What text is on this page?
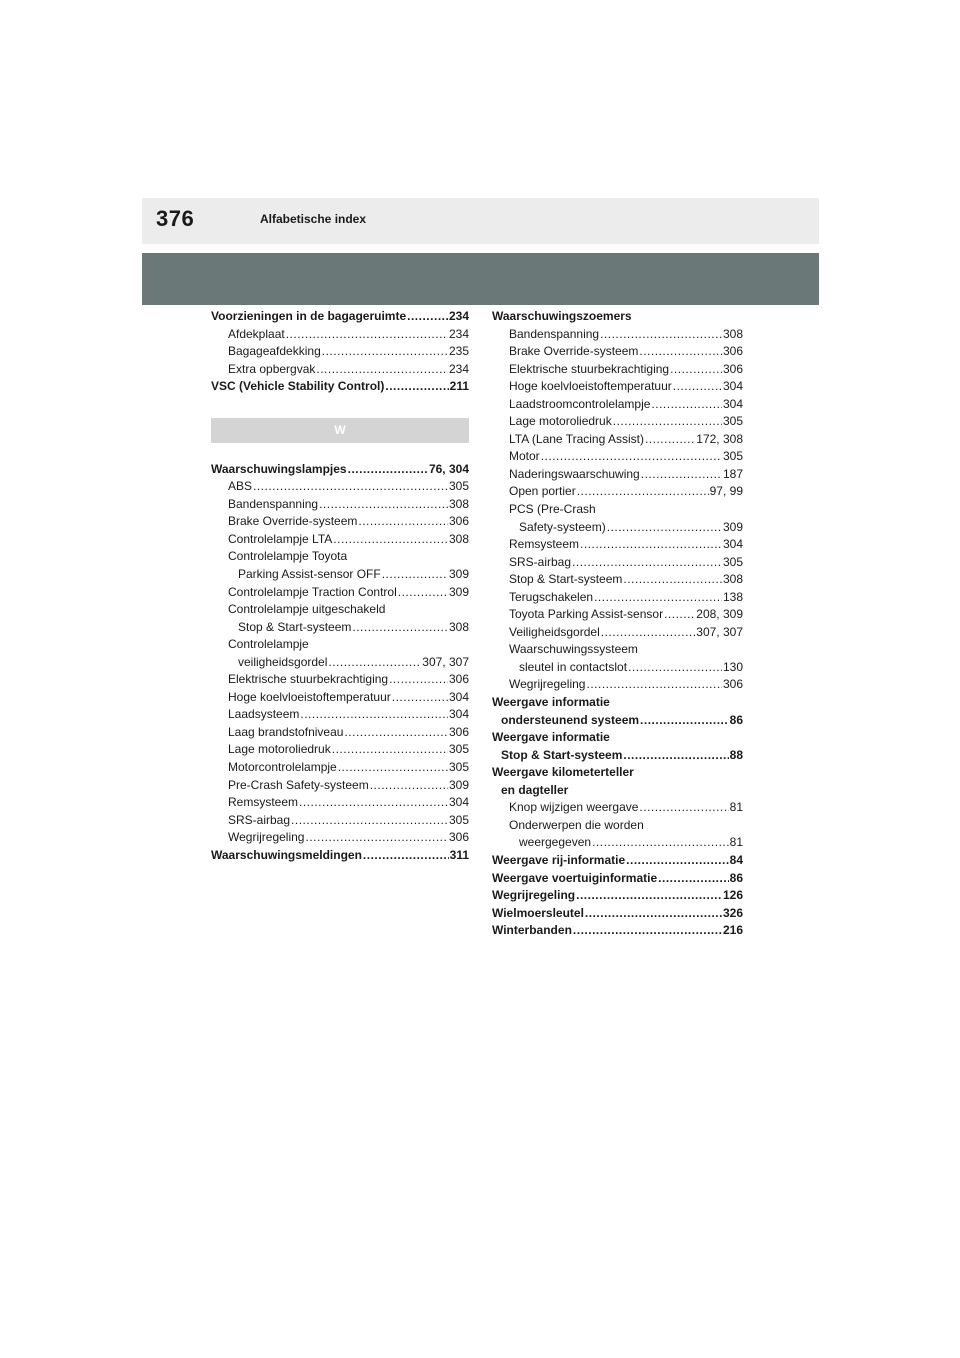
376	Alfabetische index
Voorzieningen in de bagageruimte .....	234
Afdekplaat .....	234
Bagageafdekking .....	235
Extra opbergvak .....	234
VSC (Vehicle Stability Control) .....	211
W
Waarschuwingslampjes .....	76, 304
ABS .....	305
Bandenspanning .....	308
Brake Override-systeem .....	306
Controlelampje LTA .....	308
Controlelampje Toyota
Parking Assist-sensor OFF .....	309
Controlelampje Traction Control .....	309
Controlelampje uitgeschakeld
Stop & Start-systeem .....	308
Controlelampje
veiligheidsgordel .....	307, 307
Elektrische stuurbekrachtiging .....	306
Hoge koelvloeistoftemperatuur .....	304
Laadsysteem .....	304
Laag brandstofniveau .....	306
Lage motoroliedruk .....	305
Motorcontrolelampje .....	305
Pre-Crash Safety-systeem .....	309
Remsysteem .....	304
SRS-airbag .....	305
Wegrijregeling .....	306
Waarschuwingsmeldingen .....	311
Waarschuwingszoemers
Bandenspanning .....	308
Brake Override-systeem .....	306
Elektrische stuurbekrachtiging .....	306
Hoge koelvloeistoftemperatuur .....	304
Laadstroomcontrolelampje .....	304
Lage motoroliedruk .....	305
LTA (Lane Tracing Assist) .....	172, 308
Motor .....	305
Naderingswaarschuwing .....	187
Open portier .....	97, 99
PCS (Pre-Crash
Safety-systeem) .....	309
Remsysteem .....	304
SRS-airbag .....	305
Stop & Start-systeem .....	308
Terugschakelen .....	138
Toyota Parking Assist-sensor .....	208, 309
Veiligheidsgordel .....	307, 307
Waarschuwingssysteem
sleutel in contactslot .....	130
Wegrijregeling .....	306
Weergave informatie
ondersteunend systeem .....	86
Weergave informatie
Stop & Start-systeem .....	88
Weergave kilometerteller
en dagteller
Knop wijzigen weergave .....	81
Onderwerpen die worden
weergegeven .....	81
Weergave rij-informatie .....	84
Weergave voertuiginformatie .....	86
Wegrijregeling .....	126
Wielmoersleutel .....	326
Winterbanden .....	216
